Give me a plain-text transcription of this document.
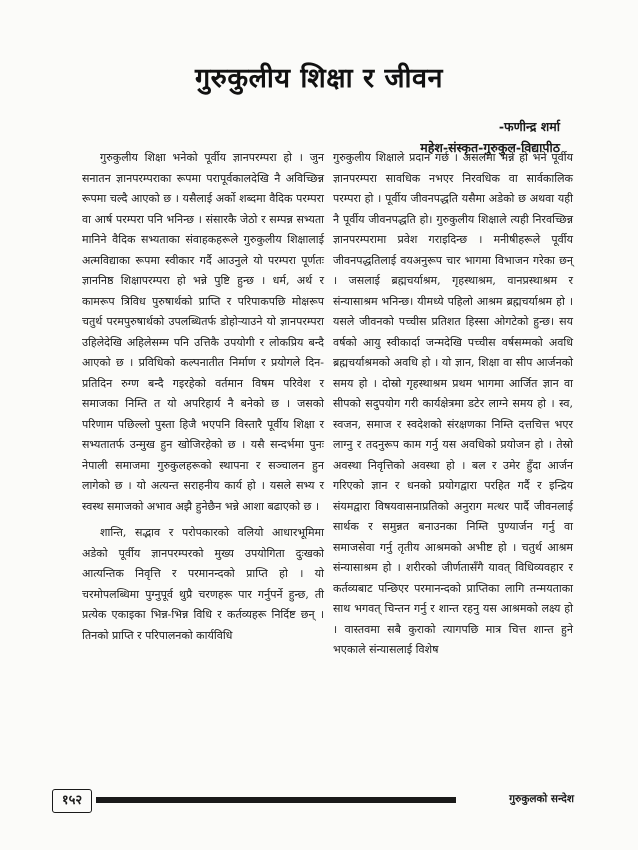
गुरुकुलीय शिक्षा र जीवन
-फणीन्द्र शर्मा
महेश-संस्कृत-गुरुकुल-विद्यापीठ

गुरुकुलीय शिक्षा भनेको पूर्वीय ज्ञानपरम्परा हो । जुन सनातन ज्ञानपरम्पराका रूपमा परापूर्वकालदेखि नै अविच्छिन्न रूपमा चल्दै आएको छ । यसैलाई अर्को शब्दमा वैदिक परम्परा वा आर्ष परम्परा पनि भनिन्छ । संसारकै जेठो र सम्पन्न सभ्यता मानिने वैदिक सभ्यताका संवाहकहरूले गुरुकुलीय शिक्षालाई अत्मविद्याका रूपमा स्वीकार गर्दै आउनुले यो परम्परा पूर्णतः ज्ञाननिष्ठ शिक्षापरम्परा हो भन्ने पुष्टि हुन्छ । धर्म, अर्थ र कामरूप त्रिविध पुरुषार्थको प्राप्ति र परिपाकपछि मोक्षरूप चतुर्थ परमपुरुषार्थको उपलब्धितर्फ डोहोऱ्याउने यो ज्ञानपरम्परा उहिलेदेखि अहिलेसम्म पनि उत्तिकै उपयोगी र लोकप्रिय बन्दै आएको छ । प्रविधिको कल्पनातीत निर्माण र प्रयोगले दिन-प्रतिदिन रुग्ण बन्दै गइरहेको वर्तमान विषम परिवेश र समाजका निम्ति त यो अपरिहार्य नै बनेको छ । जसको परिणाम पछिल्लो पुस्ता हिजै भएपनि विस्तारै पूर्वीय शिक्षा र सभ्यतातर्फ उन्मुख हुन खोजिरहेको छ । यसै सन्दर्भमा पुनः नेपाली समाजमा गुरुकुलहरूको स्थापना र सञ्चालन हुन लागेको छ । यो अत्यन्त सराहनीय कार्य हो । यसले सभ्य र स्वस्थ समाजको अभाव अझै हुनेछैन भन्ने आशा बढाएको छ ।

शान्ति, सद्भाव र परोपकारको वलियो आधारभूमिमा अडेको पूर्वीय ज्ञानपरम्परको मुख्य उपयोगिता दुःखको आत्यन्तिक निवृत्ति र परमानन्दको प्राप्ति हो । यो चरमोपलब्धिमा पुग्नुपूर्व थुप्रै चरणहरू पार गर्नुपर्ने हुन्छ, ती प्रत्येक एकाइका भिन्न-भिन्न विधि र कर्तव्यहरू निर्दिष्ट छन् । तिनको प्राप्ति र परिपालनको कार्यविधि

गुरुकुलीय शिक्षाले प्रदान गर्छ । असलमा भन्ने हो भने पूर्वीय ज्ञानपरम्परा सावधिक नभएर निरवधिक वा सार्वकालिक परम्परा हो । पूर्वीय जीवनपद्धति यसैमा अडेको छ अथवा यही नै पूर्वीय जीवनपद्धति हो। गुरुकुलीय शिक्षाले त्यही निरवच्छिन्न ज्ञानपरम्परामा प्रवेश गराइदिन्छ । मनीषीहरूले पूर्वीय जीवनपद्धतिलाई वयअनुरूप चार भागमा विभाजन गरेका छन् । जसलाई ब्रह्मचर्याश्रम, गृहस्थाश्रम, वानप्रस्थाश्रम र संन्यासाश्रम भनिन्छ। यीमध्ये पहिलो आश्रम ब्रह्मचर्याश्रम हो । यसले जीवनको पच्चीस प्रतिशत हिस्सा ओगटेको हुन्छ। सय वर्षको आयु स्वीकार्दा जन्मदेखि पच्चीस वर्षसम्मको अवधि ब्रह्मचर्याश्रमको अवधि हो । यो ज्ञान, शिक्षा वा सीप आर्जनको समय हो । दोस्रो गृहस्थाश्रम प्रथम भागमा आर्जित ज्ञान वा सीपको सदुपयोग गरी कार्यक्षेत्रमा डटेर लाग्ने समय हो । स्व, स्वजन, समाज र स्वदेशको संरक्षणका निम्ति दत्तचित्त भएर लाग्नु र तदनुरूप काम गर्नु यस अवधिको प्रयोजन हो । तेस्रो अवस्था निवृत्तिको अवस्था हो । बल र उमेर हुँदा आर्जन गरिएको ज्ञान र धनको प्रयोगद्वारा परहित गर्दै र इन्द्रिय संयमद्वारा विषयवासनाप्रतिको अनुराग मत्थर पार्दै जीवनलाई सार्थक र समुन्नत बनाउनका निम्ति पुण्यार्जन गर्नु वा समाजसेवा गर्नु तृतीय आश्रमको अभीष्ट हो । चतुर्थ आश्रम संन्यासाश्रम हो । शरीरको जीर्णतासँगै यावत् विधिव्यवहार र कर्तव्यबाट पन्छिएर परमानन्दको प्राप्तिका लागि तन्मयताका साथ भगवत् चिन्तन गर्नु र शान्त रहनु यस आश्रमको लक्ष्य हो । वास्तवमा सबै कुराको त्यागपछि मात्र चित्त शान्त हुने भएकाले संन्यासलाई विशेष

१५२	गुरुकुलको सन्देश
